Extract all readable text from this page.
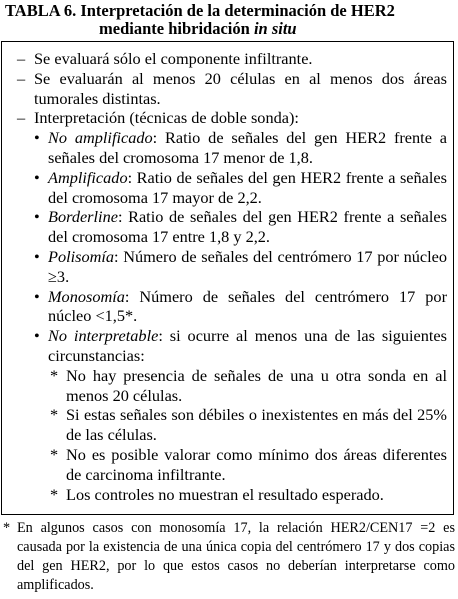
TABLA 6. Interpretación de la determinación de HER2
mediante hibridación in situ
– Se evaluará sólo el componente infiltrante.
– Se evaluarán al menos 20 células en al menos dos áreas tumorales distintas.
– Interpretación (técnicas de doble sonda):
• No amplificado: Ratio de señales del gen HER2 frente a señales del cromosoma 17 menor de 1,8.
• Amplificado: Ratio de señales del gen HER2 frente a señales del cromosoma 17 mayor de 2,2.
• Borderline: Ratio de señales del gen HER2 frente a señales del cromosoma 17 entre 1,8 y 2,2.
• Polisomía: Número de señales del centrómero 17 por núcleo ≥3.
• Monosomía: Número de señales del centrómero 17 por núcleo <1,5*.
• No interpretable: si ocurre al menos una de las siguientes circunstancias:
* No hay presencia de señales de una u otra sonda en al menos 20 células.
* Si estas señales son débiles o inexistentes en más del 25% de las células.
* No es posible valorar como mínimo dos áreas diferentes de carcinoma infiltrante.
* Los controles no muestran el resultado esperado.
* En algunos casos con monosomía 17, la relación HER2/CEN17 =2 es causada por la existencia de una única copia del centrómero 17 y dos copias del gen HER2, por lo que estos casos no deberían interpretarse como amplificados.
